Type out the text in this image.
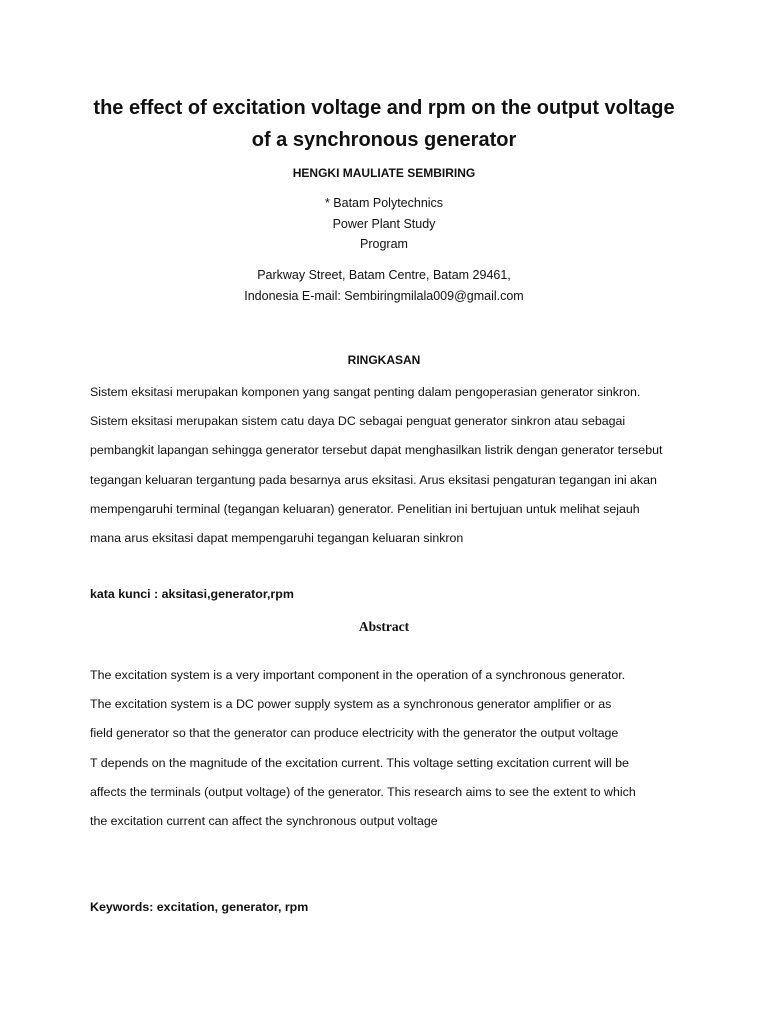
the effect of excitation voltage and rpm on the output voltage
of a synchronous generator
HENGKI MAULIATE SEMBIRING
* Batam Polytechnics
Power Plant Study
Program
Parkway Street, Batam Centre, Batam 29461,
Indonesia E-mail: Sembiringmilala009@gmail.com
RINGKASAN
Sistem eksitasi merupakan komponen yang sangat penting dalam pengoperasian generator sinkron.
Sistem eksitasi merupakan sistem catu daya DC sebagai penguat generator sinkron atau sebagai
pembangkit lapangan sehingga generator tersebut dapat menghasilkan listrik dengan generator tersebut
tegangan keluaran tergantung pada besarnya arus eksitasi. Arus eksitasi pengaturan tegangan ini akan
mempengaruhi terminal (tegangan keluaran) generator. Penelitian ini bertujuan untuk melihat sejauh
mana arus eksitasi dapat mempengaruhi tegangan keluaran sinkron
kata kunci : aksitasi,generator,rpm
Abstract
The excitation system is a very important component in the operation of a synchronous generator.
The excitation system is a DC power supply system as a synchronous generator amplifier or as
field generator so that the generator can produce electricity with the generator the output voltage
T depends on the magnitude of the excitation current. This voltage setting excitation current will be
affects the terminals (output voltage) of the generator. This research aims to see the extent to which
the excitation current can affect the synchronous output voltage
Keywords: excitation, generator, rpm
